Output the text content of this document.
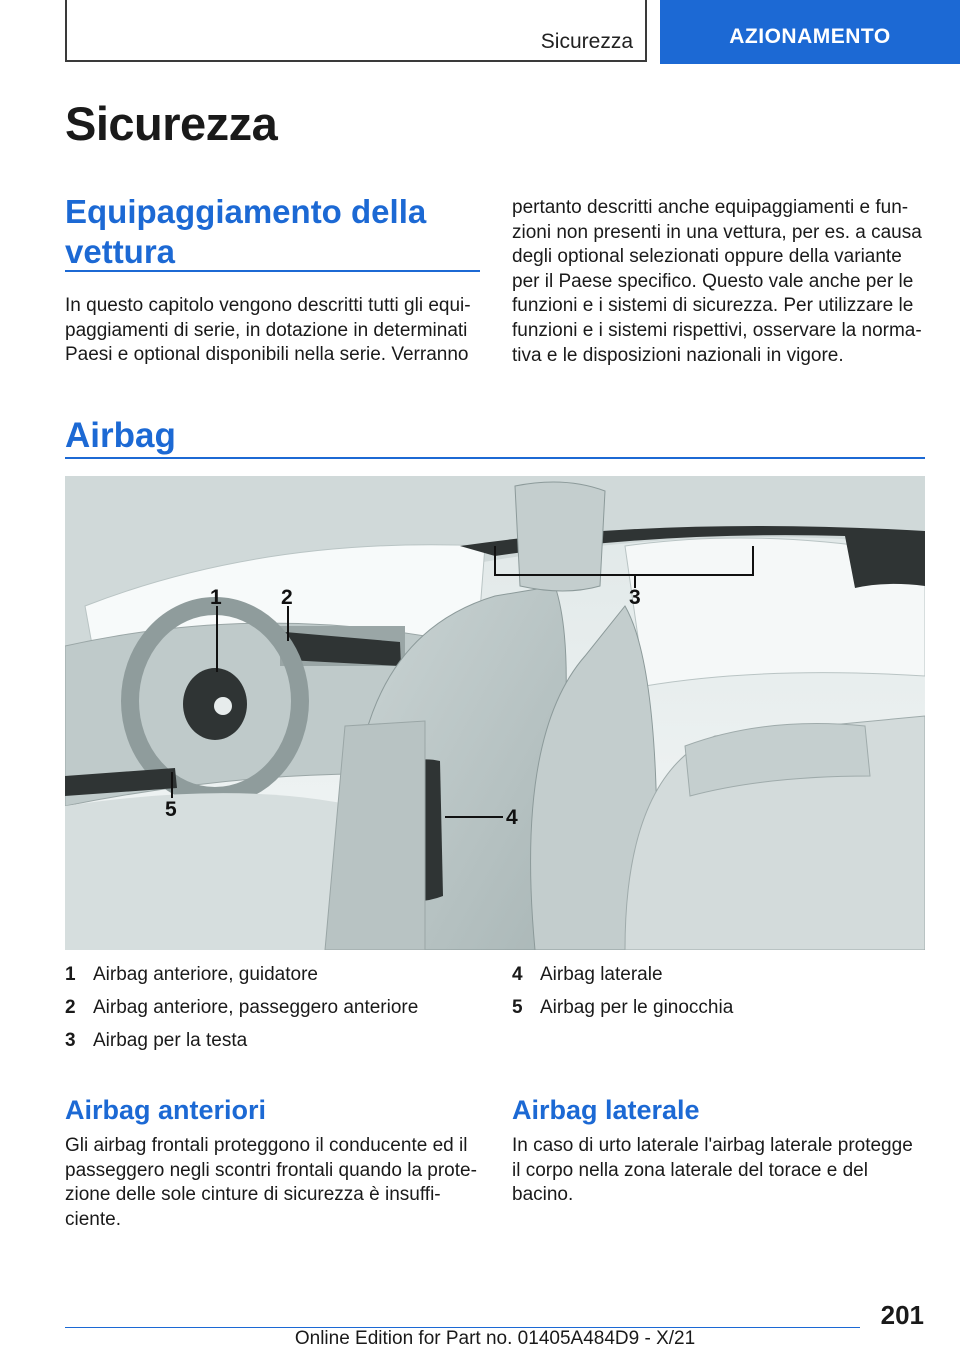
Sicurezza	AZIONAMENTO
Sicurezza
Equipaggiamento della vettura

In questo capitolo vengono descritti tutti gli equi-paggiamenti di serie, in dotazione in determinati Paesi e optional disponibili nella serie. Verranno

pertanto descritti anche equipaggiamenti e fun-zioni non presenti in una vettura, per es. a causa degli optional selezionati oppure della variante per il Paese specifico. Questo vale anche per le funzioni e i sistemi di sicurezza. Per utilizzare le funzioni e i sistemi rispettivi, osservare la norma-tiva e le disposizioni nazionali in vigore.

Airbag
1	2	3
4
5
1 Airbag anteriore, guidatore
2 Airbag anteriore, passeggero anteriore
3 Airbag per la testa
4 Airbag laterale
5 Airbag per le ginocchia
Airbag anteriori

Gli airbag frontali proteggono il conducente ed il passeggero negli scontri frontali quando la prote-zione delle sole cinture di sicurezza è insuffi-ciente.

Airbag laterale

In caso di urto laterale l'airbag laterale protegge il corpo nella zona laterale del torace e del bacino.

201
Online Edition for Part no. 01405A484D9 - X/21
